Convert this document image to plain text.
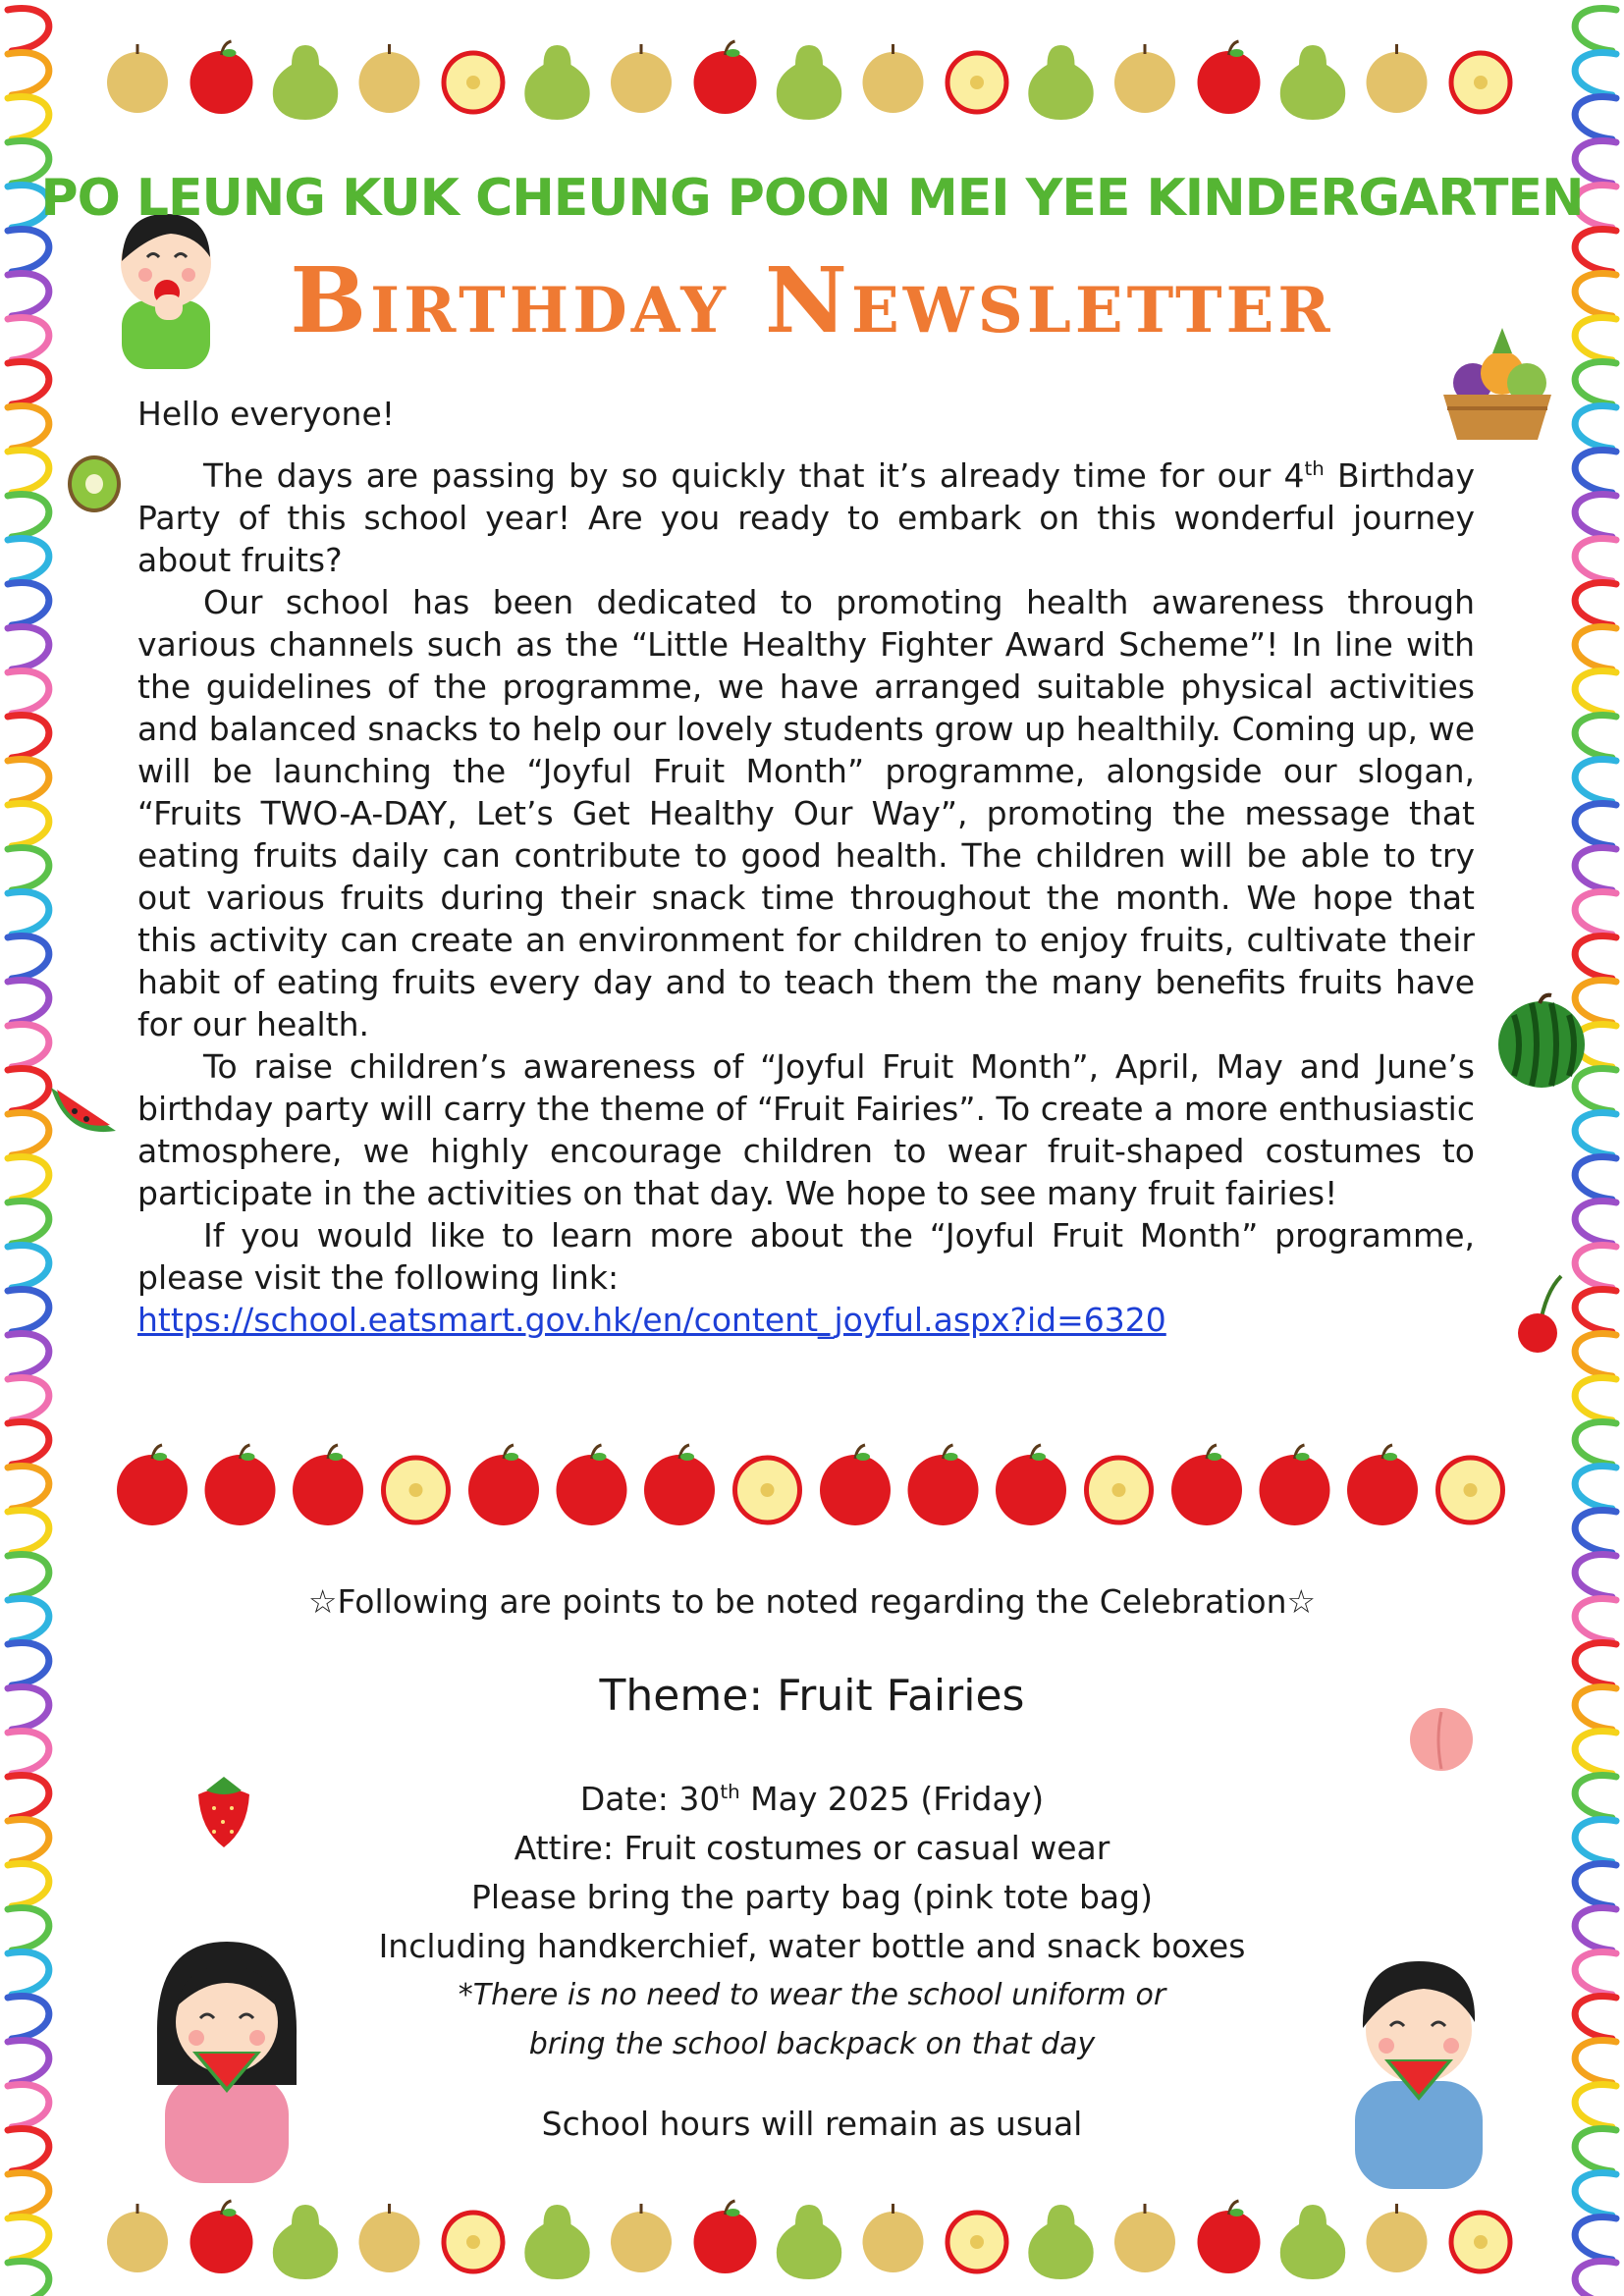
PO LEUNG KUK CHEUNG POON MEI YEE KINDERGARTEN
Birthday Newsletter

Hello everyone!

The days are passing by so quickly that it’s already time for our 4th Birthday Party of this school year! Are you ready to embark on this wonderful journey about fruits?

Our school has been dedicated to promoting health awareness through various channels such as the “Little Healthy Fighter Award Scheme”! In line with the guidelines of the programme, we have arranged suitable physical activities and balanced snacks to help our lovely students grow up healthily. Coming up, we will be launching the “Joyful Fruit Month” programme, alongside our slogan, “Fruits TWO-A-DAY, Let’s Get Healthy Our Way”, promoting the message that eating fruits daily can contribute to good health. The children will be able to try out various fruits during their snack time throughout the month. We hope that this activity can create an environment for children to enjoy fruits, cultivate their habit of eating fruits every day and to teach them the many benefits fruits have for our health.

To raise children’s awareness of “Joyful Fruit Month”, April, May and June’s birthday party will carry the theme of “Fruit Fairies”. To create a more enthusiastic atmosphere, we highly encourage children to wear fruit-shaped costumes to participate in the activities on that day. We hope to see many fruit fairies!

If you would like to learn more about the “Joyful Fruit Month” programme, please visit the following link:

https://school.eatsmart.gov.hk/en/content_joyful.aspx?id=6320

☆Following are points to be noted regarding the Celebration☆
Theme: Fruit Fairies
Date: 30th May 2025 (Friday)
Attire: Fruit costumes or casual wear
Please bring the party bag (pink tote bag)
Including handkerchief, water bottle and snack boxes
*There is no need to wear the school uniform or
bring the school backpack on that day
School hours will remain as usual
